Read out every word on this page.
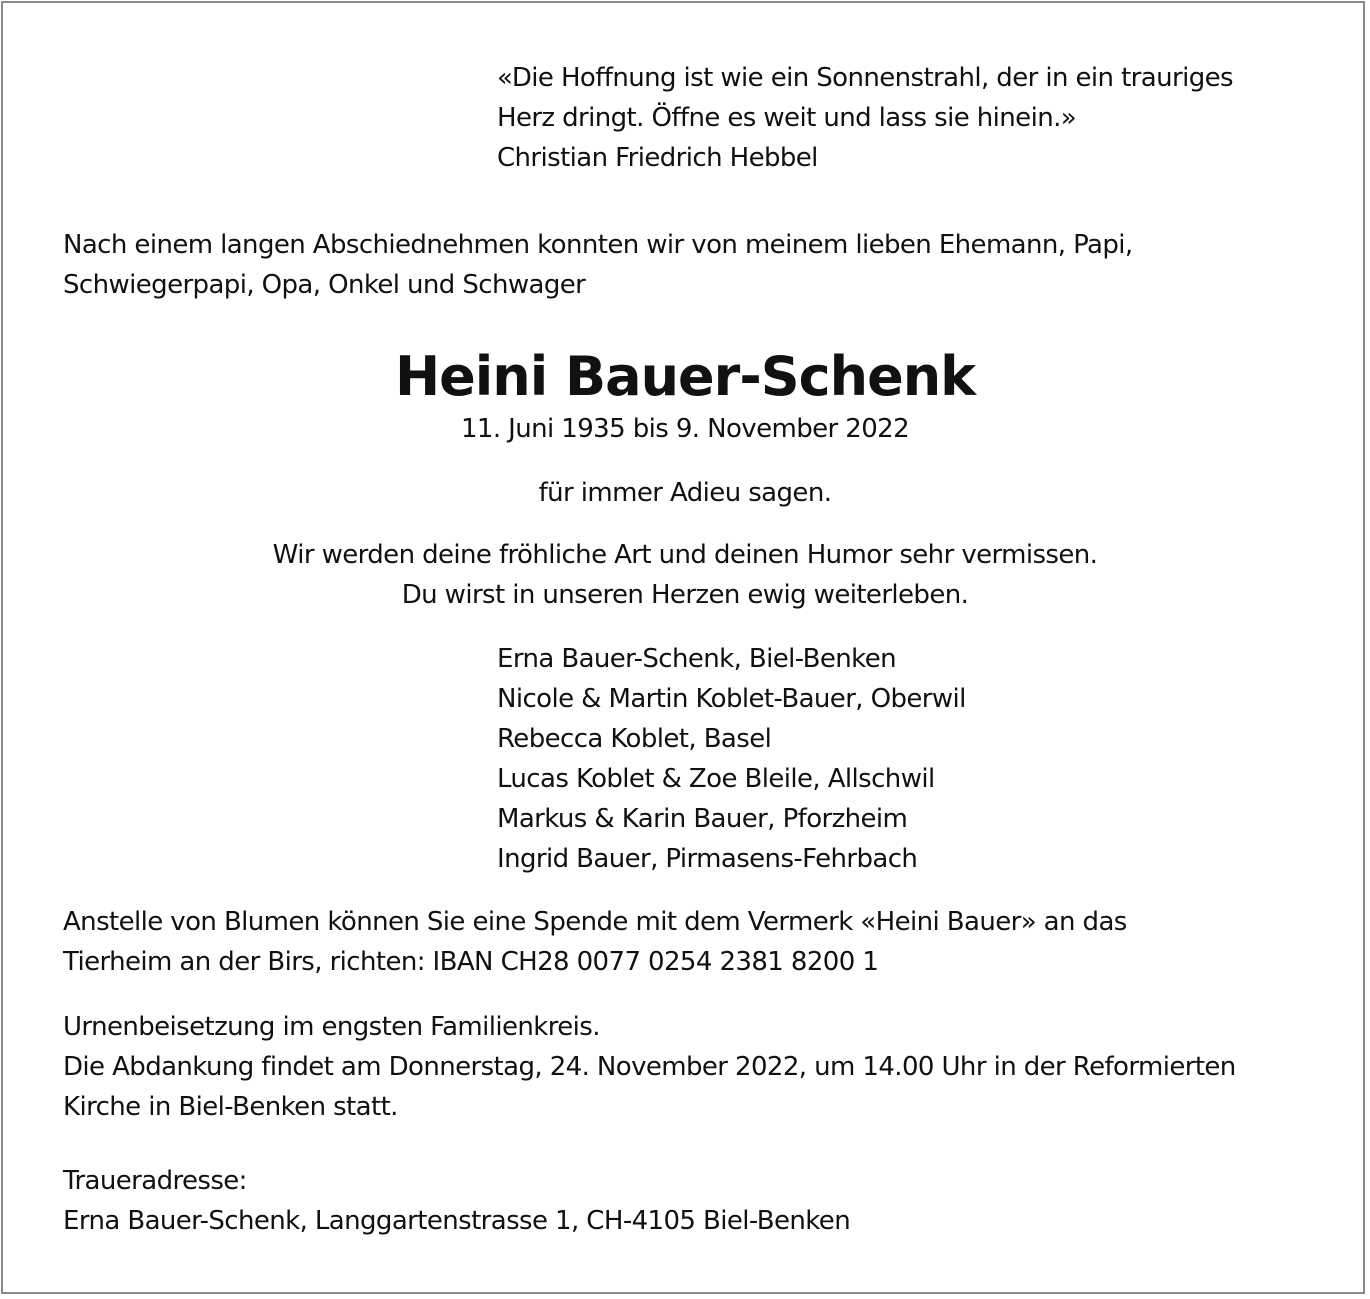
«Die Hoffnung ist wie ein Sonnenstrahl, der in ein trauriges
Herz dringt. Öffne es weit und lass sie hinein.»
Christian Friedrich Hebbel
Nach einem langen Abschiednehmen konnten wir von meinem lieben Ehemann, Papi,
Schwiegerpapi, Opa, Onkel und Schwager
Heini Bauer-Schenk
11. Juni 1935 bis 9. November 2022
für immer Adieu sagen.
Wir werden deine fröhliche Art und deinen Humor sehr vermissen.
Du wirst in unseren Herzen ewig weiterleben.
Erna Bauer-Schenk, Biel-Benken
Nicole & Martin Koblet-Bauer, Oberwil
Rebecca Koblet, Basel
Lucas Koblet & Zoe Bleile, Allschwil
Markus & Karin Bauer, Pforzheim
Ingrid Bauer, Pirmasens-Fehrbach
Anstelle von Blumen können Sie eine Spende mit dem Vermerk «Heini Bauer» an das
Tierheim an der Birs, richten: IBAN CH28 0077 0254 2381 8200 1
Urnenbeisetzung im engsten Familienkreis.
Die Abdankung findet am Donnerstag, 24. November 2022, um 14.00 Uhr in der Reformierten
Kirche in Biel-Benken statt.
Traueradresse:
Erna Bauer-Schenk, Langgartenstrasse 1, CH-4105 Biel-Benken
